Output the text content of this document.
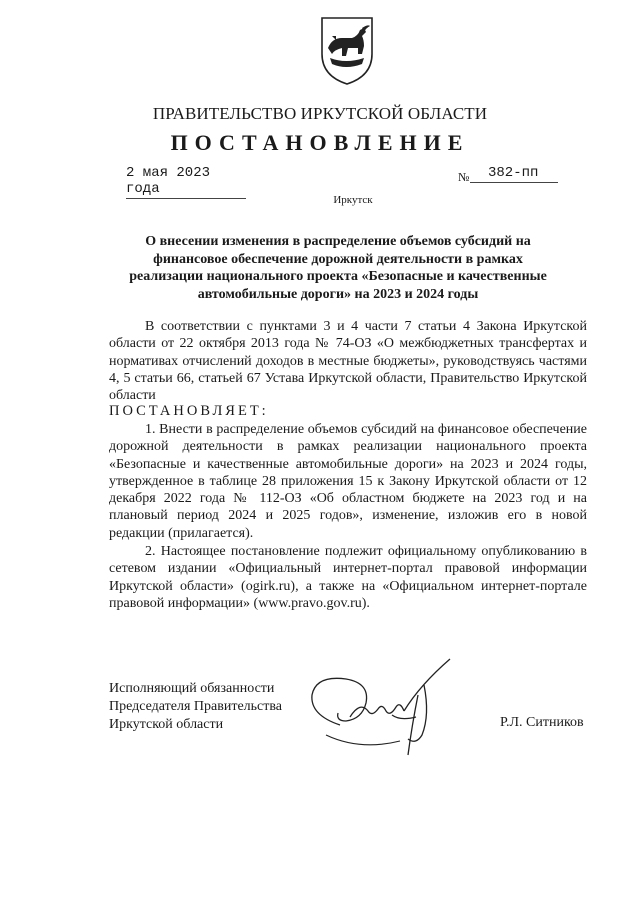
ПРАВИТЕЛЬСТВО ИРКУТСКОЙ ОБЛАСТИ
ПОСТАНОВЛЕНИЕ
2 мая 2023 года
№	382-пп
Иркутск
О внесении изменения в распределение объемов субсидий на финансовое обеспечение дорожной деятельности в рамках реализации национального проекта «Безопасные и качественные автомобильные дороги» на 2023 и 2024 годы

В соответствии с пунктами 3 и 4 части 7 статьи 4 Закона Иркутской области от 22 октября 2013 года № 74-ОЗ «О межбюджетных трансфертах и нормативах отчислений доходов в местные бюджеты», руководствуясь частями 4, 5 статьи 66, статьей 67 Устава Иркутской области, Правительство Иркутской области

ПОСТАНОВЛЯЕТ:

1. Внести в распределение объемов субсидий на финансовое обеспечение дорожной деятельности в рамках реализации национального проекта «Безопасные и качественные автомобильные дороги» на 2023 и 2024 годы, утвержденное в таблице 28 приложения 15 к Закону Иркутской области от 12 декабря 2022 года № 112-ОЗ «Об областном бюджете на 2023 год и на плановый период 2024 и 2025 годов», изменение, изложив его в новой редакции (прилагается).

2. Настоящее постановление подлежит официальному опубликованию в сетевом издании «Официальный интернет-портал правовой информации Иркутской области» (ogirk.ru), а также на «Официальном интернет-портале правовой информации» (www.pravo.gov.ru).

Исполняющий обязанности
Председателя Правительства
Иркутской области	Р.Л. Ситников
